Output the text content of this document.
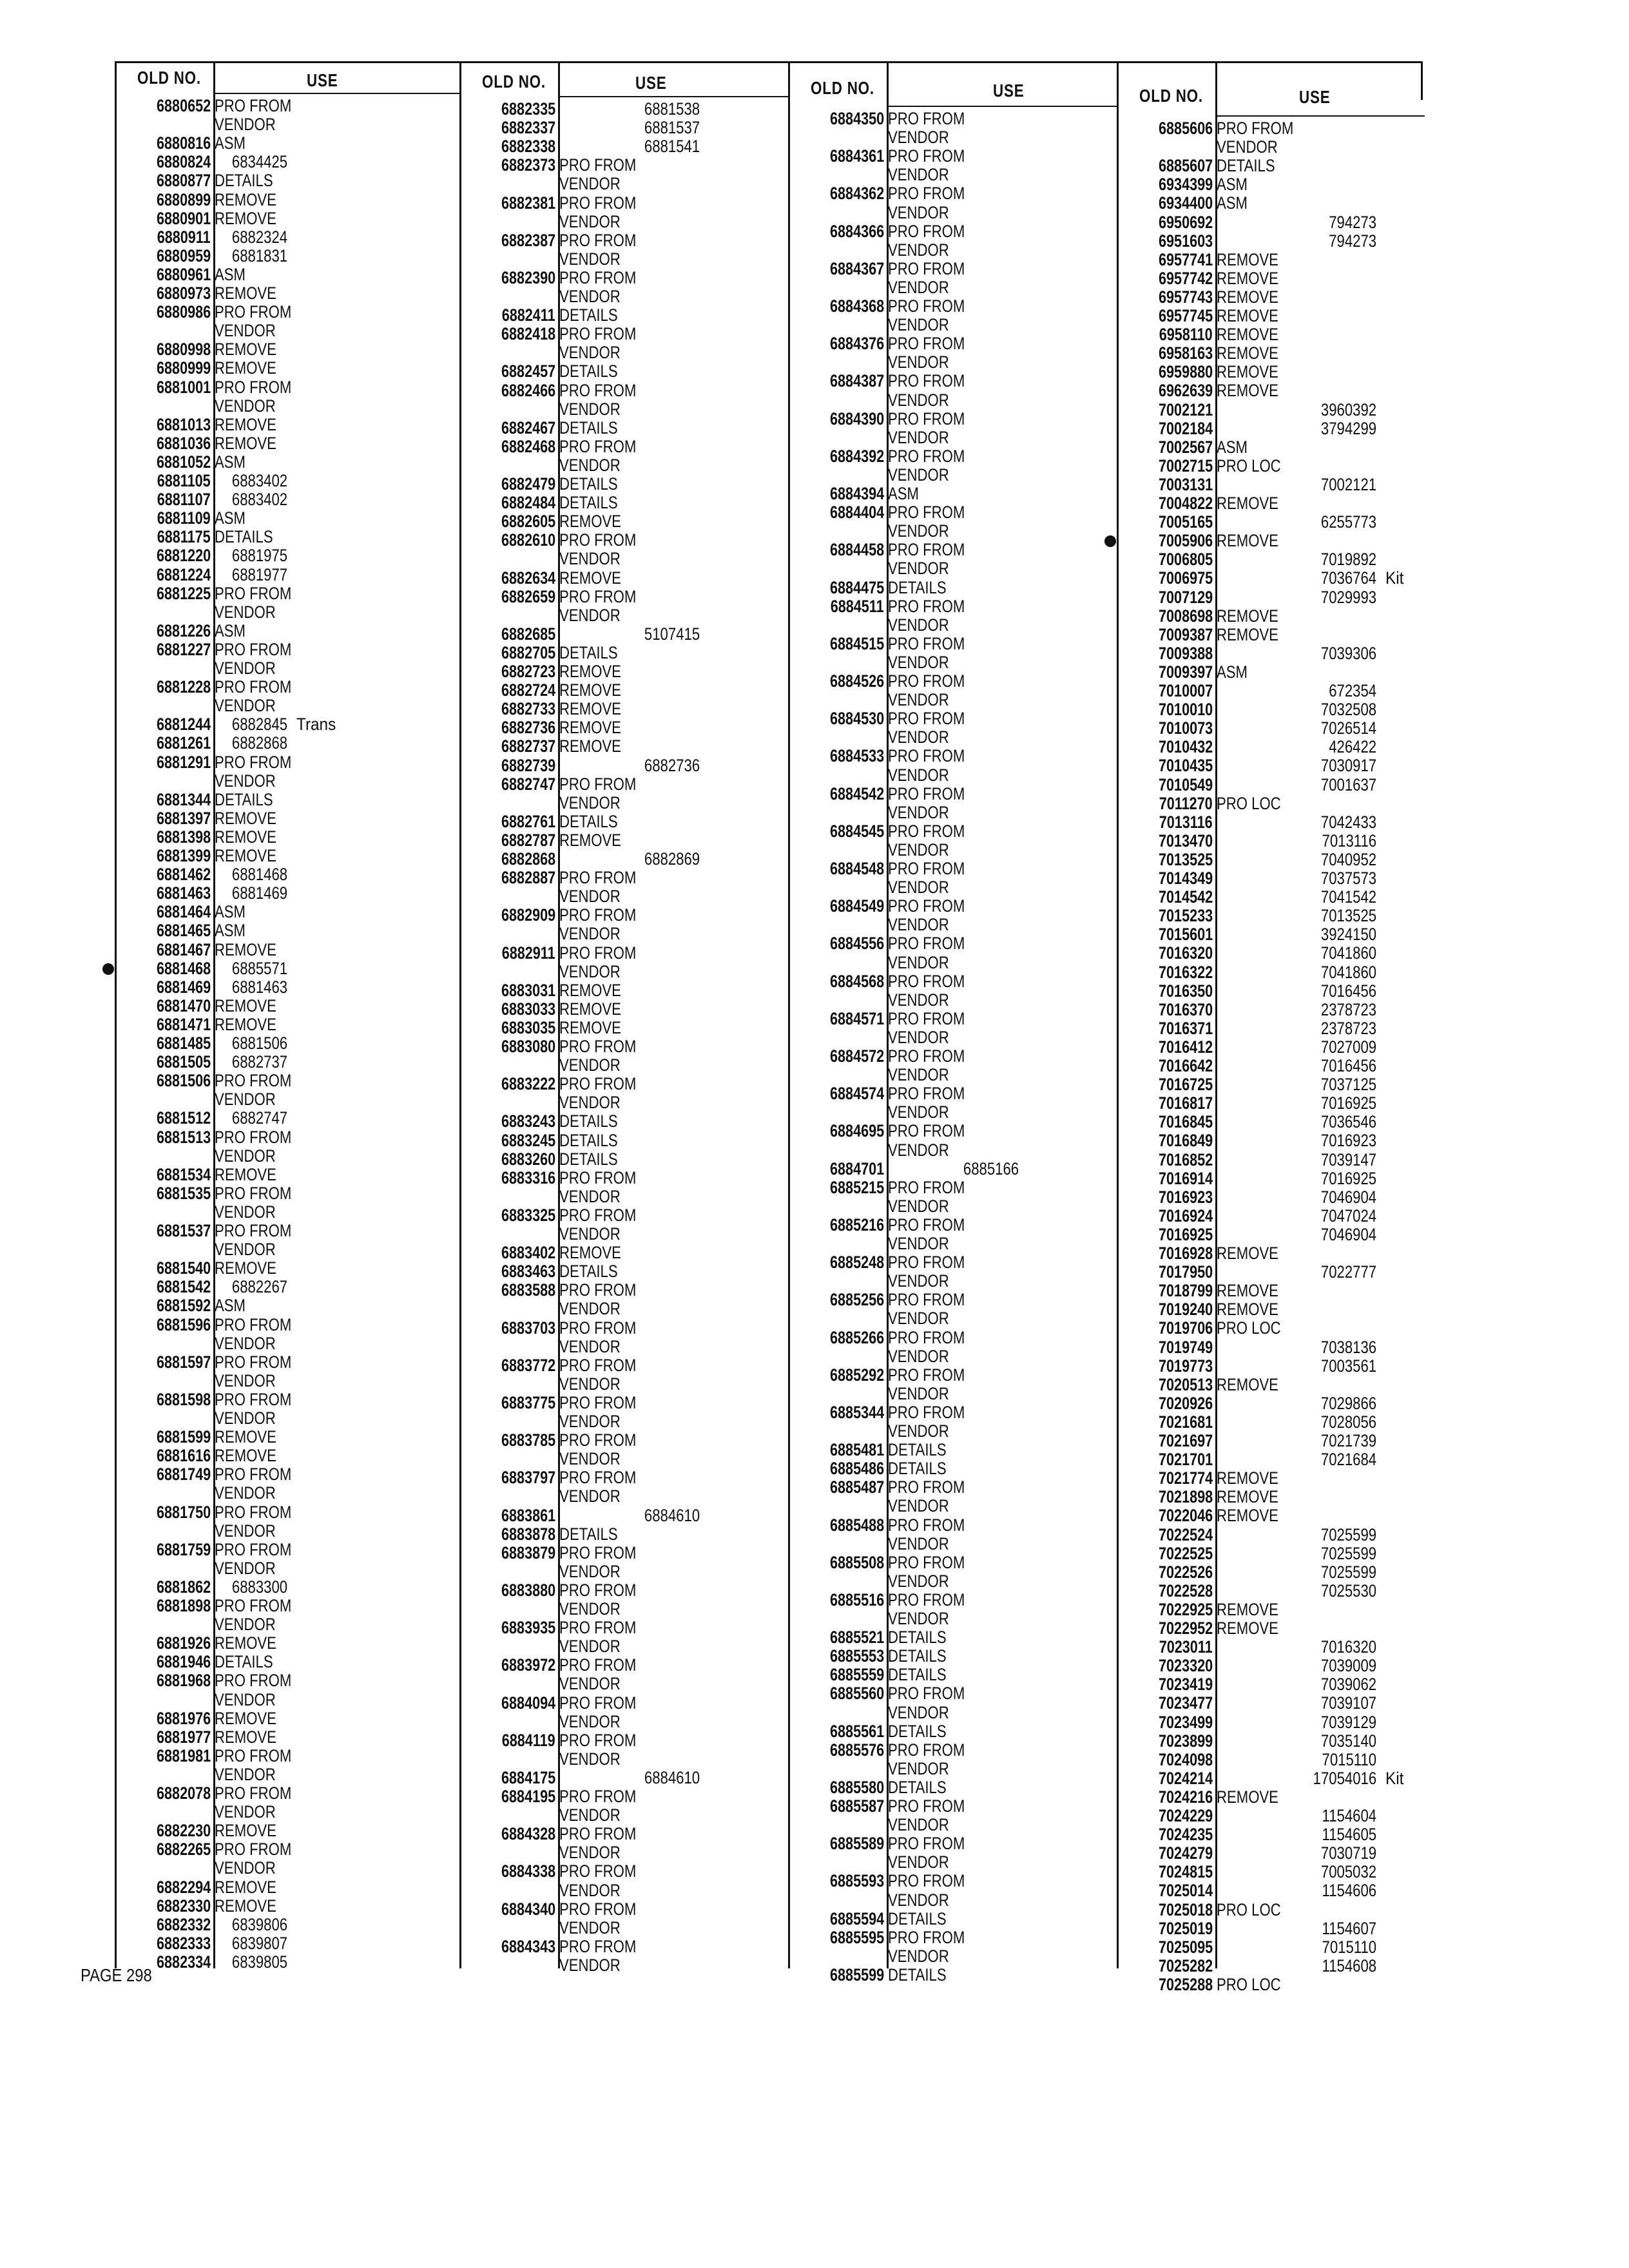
OLD NO.	USE
6880652 PRO FROM
VENDOR
6880816 ASM
6880824 6834425
6880877 DETAILS
6880899 REMOVE
6880901 REMOVE
6880911 6882324
6880959 6881831
6880961 ASM
6880973 REMOVE
6880986 PRO FROM
VENDOR
6880998 REMOVE
6880999 REMOVE
6881001 PRO FROM
VENDOR
6881013 REMOVE
6881036 REMOVE
6881052 ASM
6881105 6883402
6881107 6883402
6881109 ASM
6881175 DETAILS
6881220 6881975
6881224 6881977
6881225 PRO FROM
VENDOR
6881226 ASM
6881227 PRO FROM
VENDOR
6881228 PRO FROM
VENDOR
6881244 6882845 Trans
6881261 6882868
6881291 PRO FROM
VENDOR
6881344 DETAILS
6881397 REMOVE
6881398 REMOVE
6881399 REMOVE
6881462 6881468
6881463 6881469
6881464 ASM
6881465 ASM
6881467 REMOVE
6881468 6885571
6881469 6881463
6881470 REMOVE
6881471 REMOVE
6881485 6881506
6881505 6882737
6881506 PRO FROM
VENDOR
6881512 6882747
6881513 PRO FROM
VENDOR
6881534 REMOVE
6881535 PRO FROM
VENDOR
6881537 PRO FROM
VENDOR
6881540 REMOVE
6881542 6882267
6881592 ASM
6881596 PRO FROM
VENDOR
6881597 PRO FROM
VENDOR
6881598 PRO FROM
VENDOR
6881599 REMOVE
6881616 REMOVE
6881749 PRO FROM
VENDOR
6881750 PRO FROM
VENDOR
6881759 PRO FROM
VENDOR
6881862 6883300
6881898 PRO FROM
VENDOR
6881926 REMOVE
6881946 DETAILS
6881968 PRO FROM
VENDOR
6881976 REMOVE
6881977 REMOVE
6881981 PRO FROM
VENDOR
6882078 PRO FROM
VENDOR
6882230 REMOVE
6882265 PRO FROM
VENDOR
6882294 REMOVE
6882330 REMOVE
6882332 6839806
6882333 6839807
6882334 6839805
OLD NO.	USE
6882335	6881538
6882337	6881537
6882338	6881541
6882373 PRO FROM
VENDOR
6882381 PRO FROM
VENDOR
6882387 PRO FROM
VENDOR
6882390 PRO FROM
VENDOR
6882411 DETAILS
6882418 PRO FROM
VENDOR
6882457 DETAILS
6882466 PRO FROM
VENDOR
6882467 DETAILS
6882468 PRO FROM
VENDOR
6882479 DETAILS
6882484 DETAILS
6882605 REMOVE
6882610 PRO FROM
VENDOR
6882634 REMOVE
6882659 PRO FROM
VENDOR
6882685	5107415
6882705 DETAILS
6882723 REMOVE
6882724 REMOVE
6882733 REMOVE
6882736 REMOVE
6882737 REMOVE
6882739	6882736
6882747 PRO FROM
VENDOR
6882761 DETAILS
6882787 REMOVE
6882868	6882869
6882887 PRO FROM
VENDOR
6882909 PRO FROM
VENDOR
6882911 PRO FROM
VENDOR
6883031 REMOVE
6883033 REMOVE
6883035 REMOVE
6883080 PRO FROM
VENDOR
6883222 PRO FROM
VENDOR
6883243 DETAILS
6883245 DETAILS
6883260 DETAILS
6883316 PRO FROM
VENDOR
6883325 PRO FROM
VENDOR
6883402 REMOVE
6883463 DETAILS
6883588 PRO FROM
VENDOR
6883703 PRO FROM
VENDOR
6883772 PRO FROM
VENDOR
6883775 PRO FROM
VENDOR
6883785 PRO FROM
VENDOR
6883797 PRO FROM
VENDOR
6883861	6884610
6883878 DETAILS
6883879 PRO FROM
VENDOR
6883880 PRO FROM
VENDOR
6883935 PRO FROM
VENDOR
6883972 PRO FROM
VENDOR
6884094 PRO FROM
VENDOR
6884119 PRO FROM
VENDOR
6884175	6884610
6884195 PRO FROM
VENDOR
6884328 PRO FROM
VENDOR
6884338 PRO FROM
VENDOR
6884340 PRO FROM
VENDOR
6884343 PRO FROM
VENDOR
OLD NO.	USE
6884350 PRO FROM
VENDOR
6884361 PRO FROM
VENDOR
6884362 PRO FROM
VENDOR
6884366 PRO FROM
VENDOR
6884367 PRO FROM
VENDOR
6884368 PRO FROM
VENDOR
6884376 PRO FROM
VENDOR
6884387 PRO FROM
VENDOR
6884390 PRO FROM
VENDOR
6884392 PRO FROM
VENDOR
6884394 ASM
6884404 PRO FROM
VENDOR
6884458 PRO FROM
VENDOR
6884475 DETAILS
6884511 PRO FROM
VENDOR
6884515 PRO FROM
VENDOR
6884526 PRO FROM
VENDOR
6884530 PRO FROM
VENDOR
6884533 PRO FROM
VENDOR
6884542 PRO FROM
VENDOR
6884545 PRO FROM
VENDOR
6884548 PRO FROM
VENDOR
6884549 PRO FROM
VENDOR
6884556 PRO FROM
VENDOR
6884568 PRO FROM
VENDOR
6884571 PRO FROM
VENDOR
6884572 PRO FROM
VENDOR
6884574 PRO FROM
VENDOR
6884695 PRO FROM
VENDOR
6884701	6885166
6885215 PRO FROM
VENDOR
6885216 PRO FROM
VENDOR
6885248 PRO FROM
VENDOR
6885256 PRO FROM
VENDOR
6885266 PRO FROM
VENDOR
6885292 PRO FROM
VENDOR
6885344 PRO FROM
VENDOR
6885481 DETAILS
6885486 DETAILS
6885487 PRO FROM
VENDOR
6885488 PRO FROM
VENDOR
6885508 PRO FROM
VENDOR
6885516 PRO FROM
VENDOR
6885521 DETAILS
6885553 DETAILS
6885559 DETAILS
6885560 PRO FROM
VENDOR
6885561 DETAILS
6885576 PRO FROM
VENDOR
6885580 DETAILS
6885587 PRO FROM
VENDOR
6885589 PRO FROM
VENDOR
6885593 PRO FROM
VENDOR
6885594 DETAILS
6885595 PRO FROM
VENDOR
6885599 DETAILS
OLD NO.	USE
6885606 PRO FROM
VENDOR
6885607 DETAILS
6934399 ASM
6934400 ASM
6950692	794273
6951603	794273
6957741 REMOVE
6957742 REMOVE
6957743 REMOVE
6957745 REMOVE
6958110 REMOVE
6958163 REMOVE
6959880 REMOVE
6962639 REMOVE
7002121	3960392
7002184	3794299
7002567 ASM
7002715 PRO LOC
7003131	7002121
7004822 REMOVE
7005165	6255773
7005906 REMOVE
7006805	7019892
7006975	7036764 Kit
7007129	7029993
7008698 REMOVE
7009387 REMOVE
7009388	7039306
7009397 ASM
7010007	672354
7010010	7032508
7010073	7026514
7010432	426422
7010435	7030917
7010549	7001637
7011270 PRO LOC
7013116	7042433
7013470	7013116
7013525	7040952
7014349	7037573
7014542	7041542
7015233	7013525
7015601	3924150
7016320	7041860
7016322	7041860
7016350	7016456
7016370	2378723
7016371	2378723
7016412	7027009
7016642	7016456
7016725	7037125
7016817	7016925
7016845	7036546
7016849	7016923
7016852	7039147
7016914	7016925
7016923	7046904
7016924	7047024
7016925	7046904
7016928 REMOVE
7017950	7022777
7018799 REMOVE
7019240 REMOVE
7019706 PRO LOC
7019749	7038136
7019773	7003561
7020513 REMOVE
7020926	7029866
7021681	7028056
7021697	7021739
7021701	7021684
7021774 REMOVE
7021898 REMOVE
7022046 REMOVE
7022524	7025599
7022525	7025599
7022526	7025599
7022528	7025530
7022925 REMOVE
7022952 REMOVE
7023011	7016320
7023320	7039009
7023419	7039062
7023477	7039107
7023499	7039129
7023899	7035140
7024098	7015110
7024214	17054016 Kit
7024216 REMOVE
7024229	1154604
7024235	1154605
7024279	7030719
7024815	7005032
7025014	1154606
7025018 PRO LOC
7025019	1154607
7025095	7015110
7025282	1154608
7025288 PRO LOC
PAGE 298
